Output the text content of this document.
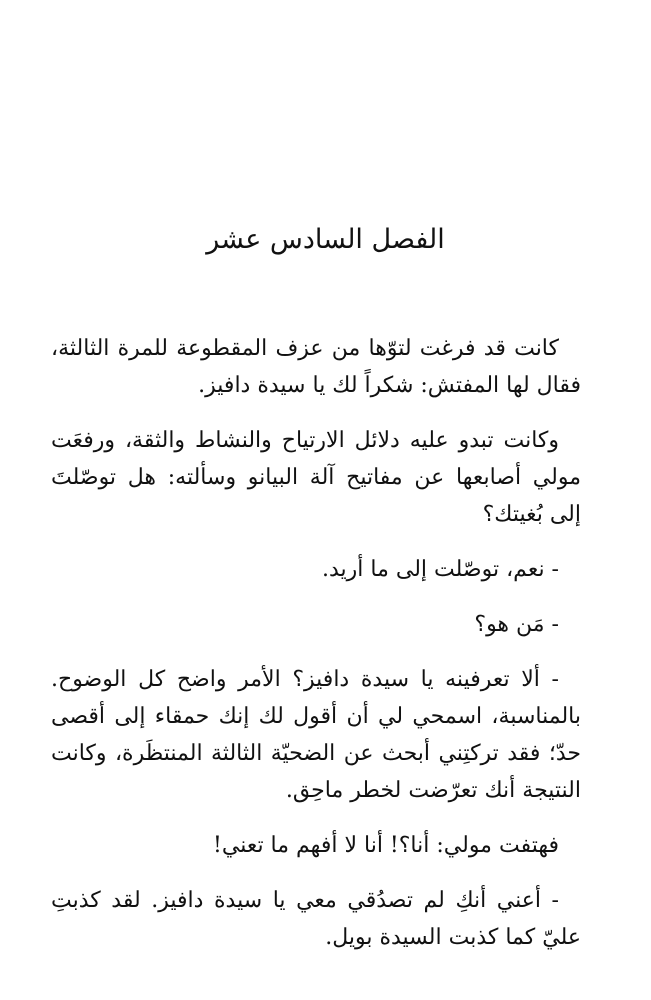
الفصل السادس عشر

كانت قد فرغت لتوّها من عزف المقطوعة للمرة الثالثة، فقال لها المفتش: شكراً لك يا سيدة دافيز.

وكانت تبدو عليه دلائل الارتياح والنشاط والثقة، ورفعَت مولي أصابعها عن مفاتيح آلة البيانو وسألته: هل توصّلتَ إلى بُغيتك؟

- نعم، توصّلت إلى ما أريد.

- مَن هو؟

- ألا تعرفينه يا سيدة دافيز؟ الأمر واضح كل الوضوح. بالمناسبة، اسمحي لي أن أقول لك إنك حمقاء إلى أقصى حدّ؛ فقد تركتِني أبحث عن الضحيّة الثالثة المنتظَرة، وكانت النتيجة أنك تعرّضت لخطر ماحِق.

فهتفت مولي: أنا؟! أنا لا أفهم ما تعني!

- أعني أنكِ لم تصدُقي معي يا سيدة دافيز. لقد كذبتِ عليّ كما كذبت السيدة بويل.
